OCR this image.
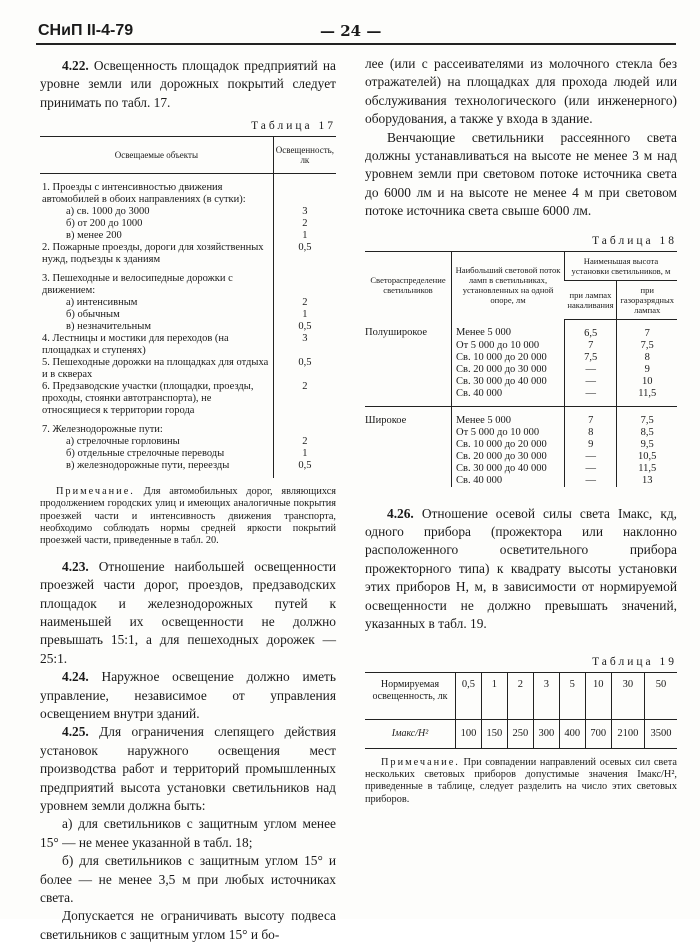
СНиП II-4-79	— 24 —

4.22. Освещенность площадок предприятий на уровне земли или дорожных покрытий следует принимать по табл. 17.

Таблица 17
Освещаемые объекты	Освещенность, лк

1. Проезды с интенсивностью движения автомобилей в обоих направлениях (в сутки):	
а) св. 1000 до 3000	3
б) от 200 до 1000	2
в) менее 200	1
2. Пожарные проезды, дороги для хозяйственных нужд, подъезды к зданиям	0,5

3. Пешеходные и велосипедные дорожки с движением:	
а) интенсивным	2
б) обычным	1
в) незначительным	0,5
4. Лестницы и мостики для переходов (на площадках и ступенях)	3
5. Пешеходные дорожки на площадках для отдыха и в скверах	0,5
6. Предзаводские участки (площадки, проезды, проходы, стоянки автотранспорта), не относящиеся к территории города	2

7. Железнодорожные пути:	
а) стрелочные горловины	2
б) отдельные стрелочные переводы	1
в) железнодорожные пути, переезды	0,5

Примечание. Для автомобильных дорог, являющихся продолжением городских улиц и имеющих аналогичные покрытия проезжей части и интенсивность движения транспорта, необходимо соблюдать нормы средней яркости покрытий проезжей части, приведенные в табл. 20.

4.23. Отношение наибольшей освещенности проезжей части дорог, проездов, предзаводских площадок и железнодорожных путей к наименьшей их освещенности не должно превышать 15:1, а для пешеходных дорожек — 25:1.

4.24. Наружное освещение должно иметь управление, независимое от управления освещением внутри зданий.

4.25. Для ограничения слепящего действия установок наружного освещения мест производства работ и территорий промышленных предприятий высота установки светильников над уровнем земли должна быть:

а) для светильников с защитным углом менее 15° — не менее указанной в табл. 18;

б) для светильников с защитным углом 15° и более — не менее 3,5 м при любых источниках света.

Допускается не ограничивать высоту подвеса светильников с защитным углом 15° и бо-

лее (или с рассеивателями из молочного стекла без отражателей) на площадках для прохода людей или обслуживания технологического (или инженерного) оборудования, а также у входа в здание.

Венчающие светильники рассеянного света должны устанавливаться на высоте не менее 3 м над уровнем земли при световом потоке источника света до 6000 лм и на высоте не менее 4 м при световом потоке источника света свыше 6000 лм.

Таблица 18
Светораспределение светильников	Наибольший световой поток ламп в светильниках, установленных на одной опоре, лм	Наименьшая высота установки светильников, м	
		при лампах накаливания	при газоразрядных лампах
Полуширокое	Менее 5 000	6,5	7
	От 5 000 до 10 000	7	7,5
	Св. 10 000 до 20 000	7,5	8
	Св. 20 000 до 30 000	—	9
	Св. 30 000 до 40 000	—	10
	Св. 40 000	—	11,5
Широкое	Менее 5 000	7	7,5
	От 5 000 до 10 000	8	8,5
	Св. 10 000 до 20 000	9	9,5
	Св. 20 000 до 30 000	—	10,5
	Св. 30 000 до 40 000	—	11,5
	Св. 40 000	—	13

4.26. Отношение осевой силы света Iмакс, кд, одного прибора (прожектора или наклонно расположенного осветительного прибора прожекторного типа) к квадрату высоты установки этих приборов H, м, в зависимости от нормируемой освещенности не должно превышать значений, указанных в табл. 19.

Таблица 19
Нормируемая освещенность, лк	0,5	1	2	3	5	10	30	50
Iмакс/H²	100	150	250	300	400	700	2100	3500
Примечание. При совпадении направлений осевых сил света нескольких световых приборов допустимые значения Iмакс/H², приведенные в таблице, следует разделить на число этих световых приборов.
